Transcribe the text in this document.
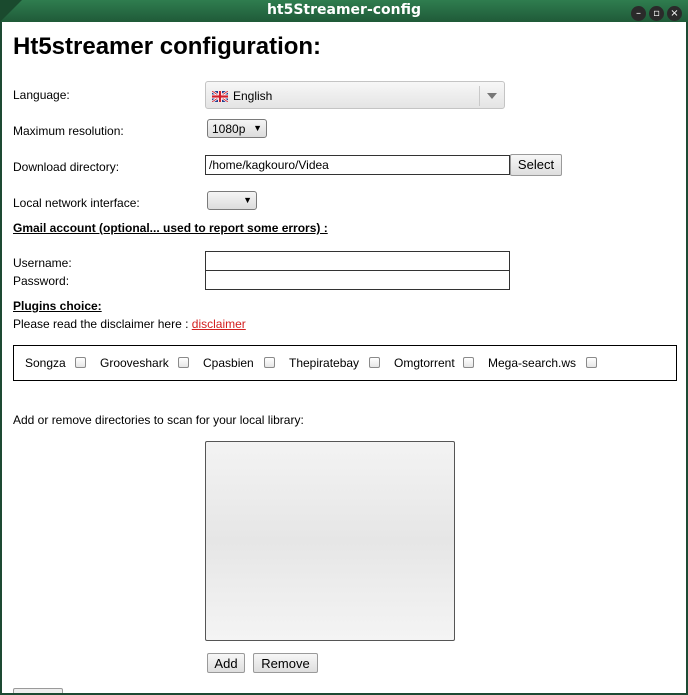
ht5Streamer-config	– ▫ ×
Ht5streamer configuration:
Language:	English
Maximum resolution:	1080p ▼
Download directory:
/home/kagkouro/Videa	Select
Local network interface:	▼
Gmail account (optional... used to report some errors) :
Username:
Password:
Plugins choice:
Please read the disclaimer here : disclaimer
Songza	Grooveshark	Cpasbien	Thepiratebay	Omgtorrent	Mega-search.ws
Add or remove directories to scan for your local library:
Add	Remove
